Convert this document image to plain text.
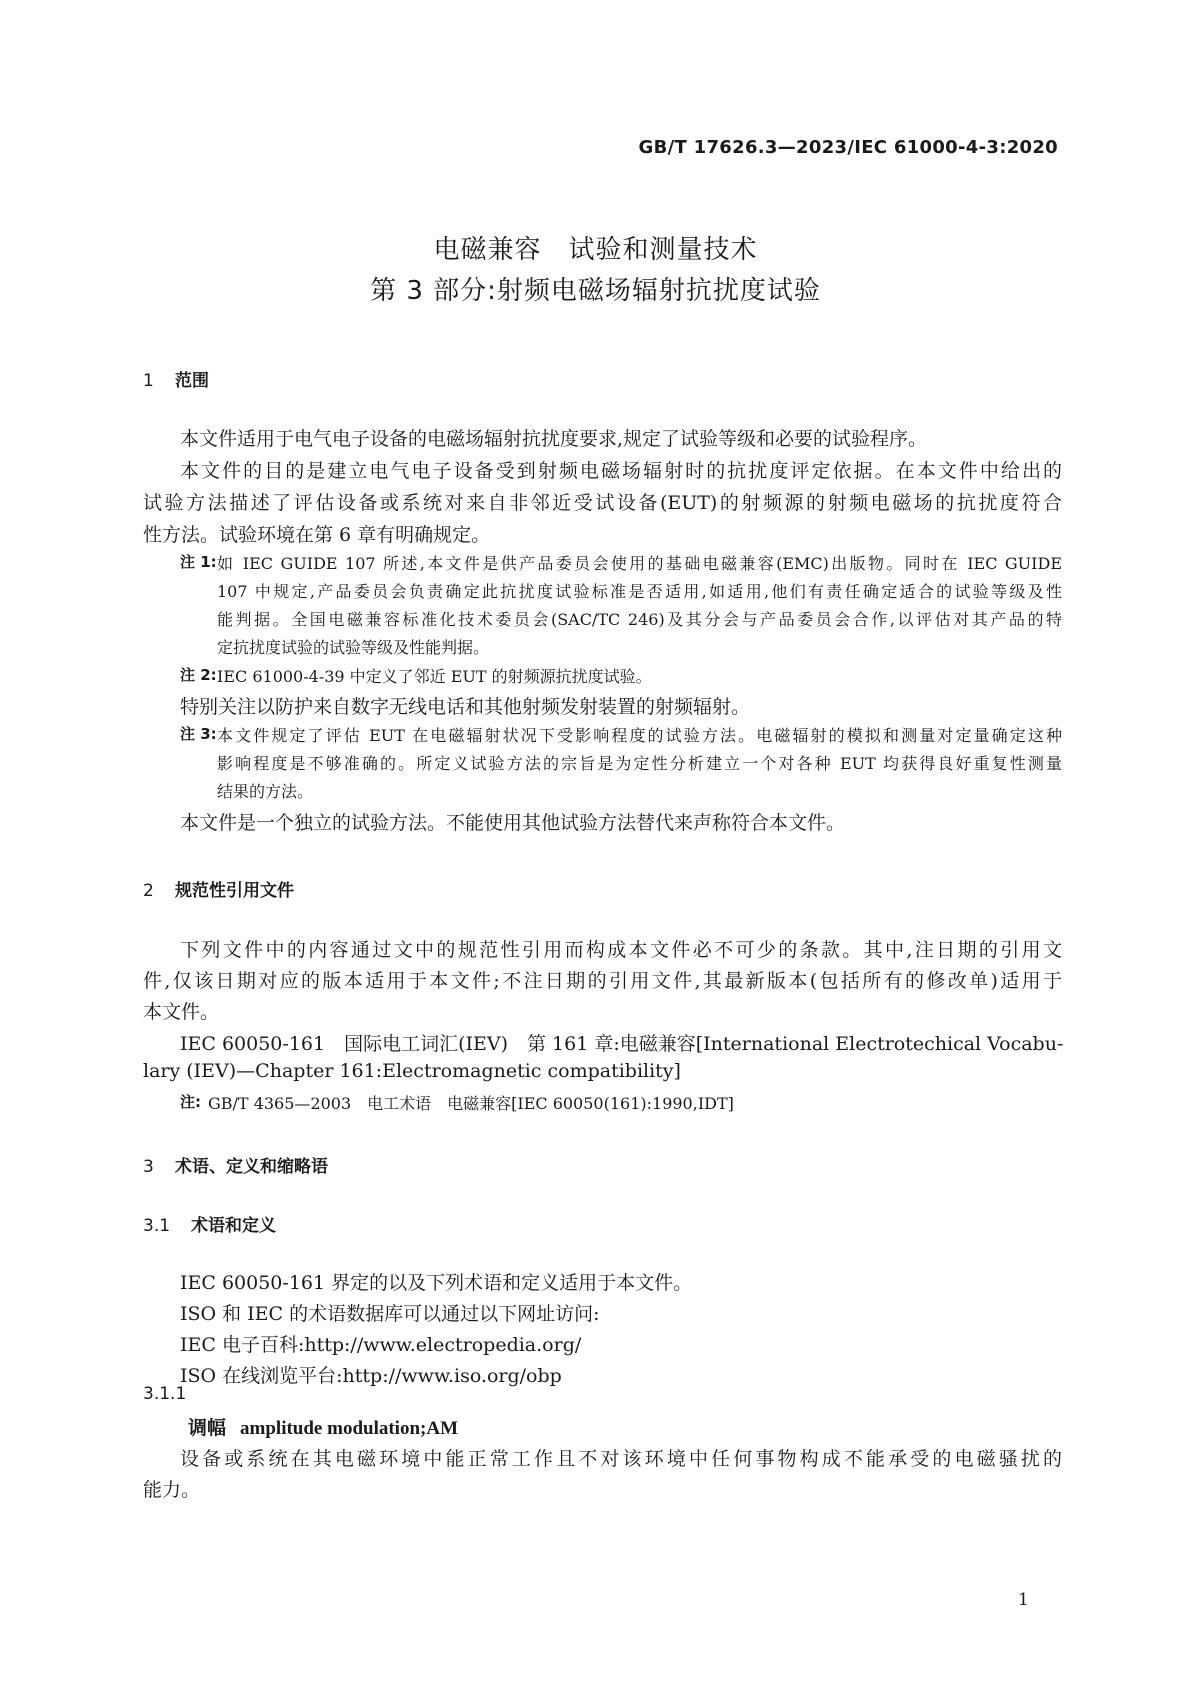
GB/T 17626.3—2023/IEC 61000-4-3:2020
电磁兼容　试验和测量技术
第 3 部分:射频电磁场辐射抗扰度试验
1 范围
本文件适用于电气电子设备的电磁场辐射抗扰度要求,规定了试验等级和必要的试验程序。
本文件的目的是建立电气电子设备受到射频电磁场辐射时的抗扰度评定依据。在本文件中给出的
试验方法描述了评估设备或系统对来自非邻近受试设备(EUT)的射频源的射频电磁场的抗扰度符合
性方法。试验环境在第 6 章有明确规定。
注 1: 如 IEC GUIDE 107 所述,本文件是供产品委员会使用的基础电磁兼容(EMC)出版物。同时在 IEC GUIDE
107 中规定,产品委员会负责确定此抗扰度试验标准是否适用,如适用,他们有责任确定适合的试验等级及性
能判据。全国电磁兼容标准化技术委员会(SAC/TC 246)及其分会与产品委员会合作,以评估对其产品的特
定抗扰度试验的试验等级及性能判据。
注 2: IEC 61000-4-39 中定义了邻近 EUT 的射频源抗扰度试验。
特别关注以防护来自数字无线电话和其他射频发射装置的射频辐射。
注 3: 本文件规定了评估 EUT 在电磁辐射状况下受影响程度的试验方法。电磁辐射的模拟和测量对定量确定这种
影响程度是不够准确的。所定义试验方法的宗旨是为定性分析建立一个对各种 EUT 均获得良好重复性测量
结果的方法。
本文件是一个独立的试验方法。不能使用其他试验方法替代来声称符合本文件。
2 规范性引用文件
下列文件中的内容通过文中的规范性引用而构成本文件必不可少的条款。其中,注日期的引用文
件,仅该日期对应的版本适用于本文件;不注日期的引用文件,其最新版本(包括所有的修改单)适用于
本文件。
IEC 60050-161　国际电工词汇(IEV)　第 161 章:电磁兼容[International Electrotechical Vocabu-
lary (IEV)—Chapter 161:Electromagnetic compatibility]
注: GB/T 4365—2003　电工术语　电磁兼容[IEC 60050(161):1990,IDT]
3 术语、定义和缩略语
3.1 术语和定义
IEC 60050-161 界定的以及下列术语和定义适用于本文件。
ISO 和 IEC 的术语数据库可以通过以下网址访问:
IEC 电子百科:http://www.electropedia.org/
ISO 在线浏览平台:http://www.iso.org/obp
3.1.1
调幅 amplitude modulation;AM
设备或系统在其电磁环境中能正常工作且不对该环境中任何事物构成不能承受的电磁骚扰的
能力。
1
